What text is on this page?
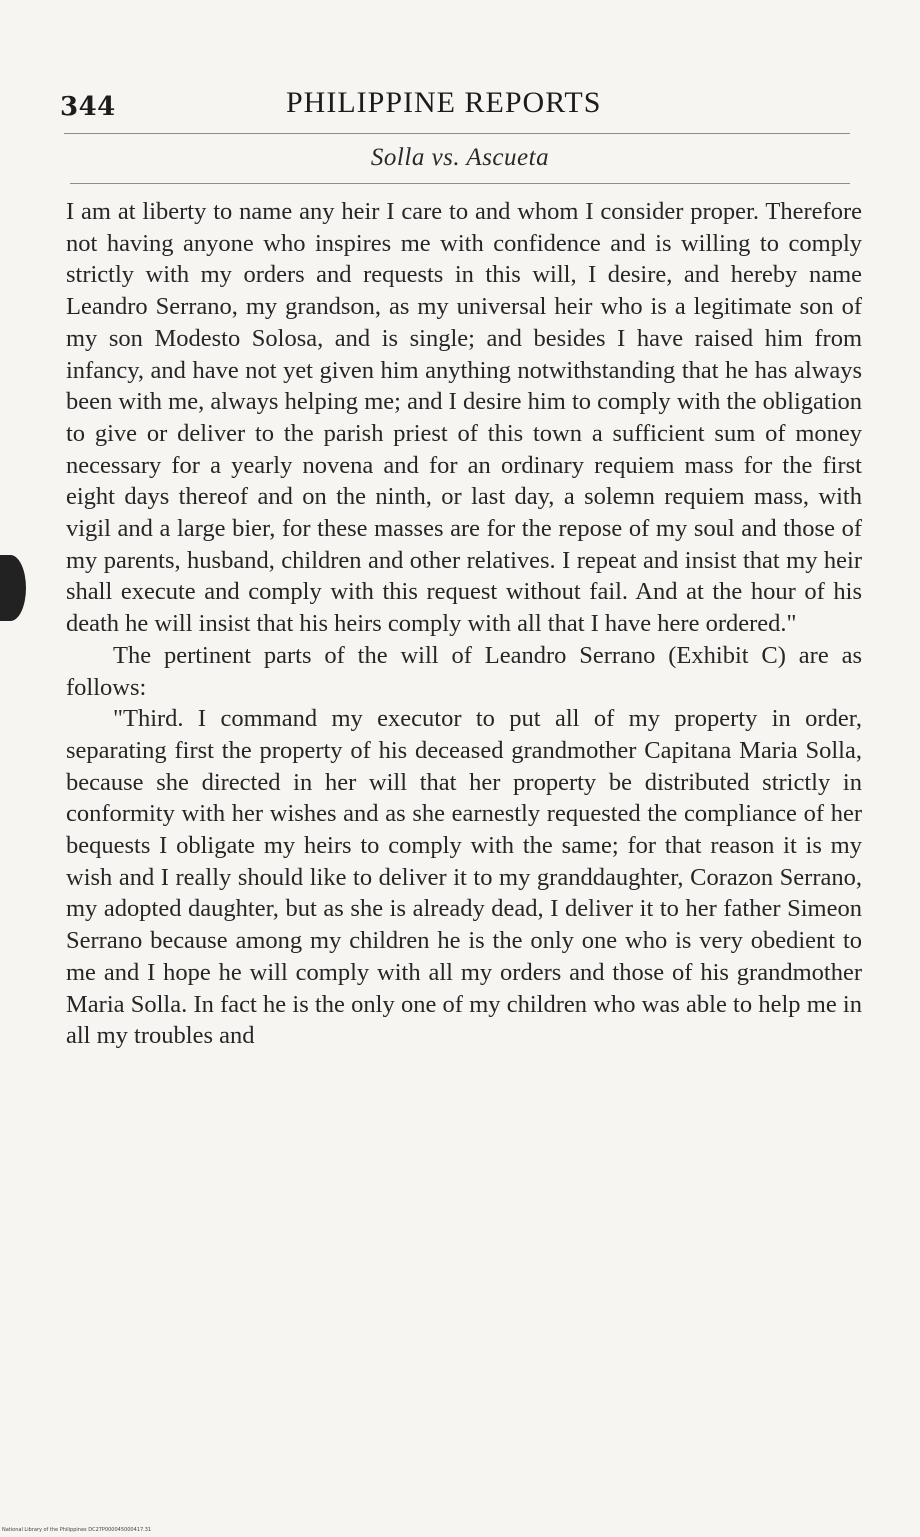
344	PHILIPPINE REPORTS
Solla vs. Ascueta

I am at liberty to name any heir I care to and whom I consider proper. Therefore not having anyone who inspires me with confidence and is willing to comply strictly with my orders and requests in this will, I desire, and hereby name Leandro Serrano, my grandson, as my universal heir who is a legitimate son of my son Modesto Solosa, and is single; and besides I have raised him from infancy, and have not yet given him anything notwithstanding that he has always been with me, always helping me; and I desire him to comply with the obligation to give or deliver to the parish priest of this town a sufficient sum of money necessary for a yearly novena and for an ordinary requiem mass for the first eight days thereof and on the ninth, or last day, a solemn requiem mass, with vigil and a large bier, for these masses are for the repose of my soul and those of my parents, husband, children and other relatives. I repeat and insist that my heir shall execute and comply with this request without fail. And at the hour of his death he will insist that his heirs comply with all that I have here ordered."

The pertinent parts of the will of Leandro Serrano (Exhibit C) are as follows:

"Third. I command my executor to put all of my property in order, separating first the property of his deceased grandmother Capitana Maria Solla, because she directed in her will that her property be distributed strictly in conformity with her wishes and as she earnestly requested the compliance of her bequests I obligate my heirs to comply with the same; for that reason it is my wish and I really should like to deliver it to my granddaughter, Corazon Serrano, my adopted daughter, but as she is already dead, I deliver it to her father Simeon Serrano because among my children he is the only one who is very obedient to me and I hope he will comply with all my orders and those of his grandmother Maria Solla. In fact he is the only one of my children who was able to help me in all my troubles and

National Library of the Philippines DC27P000045000417.31
